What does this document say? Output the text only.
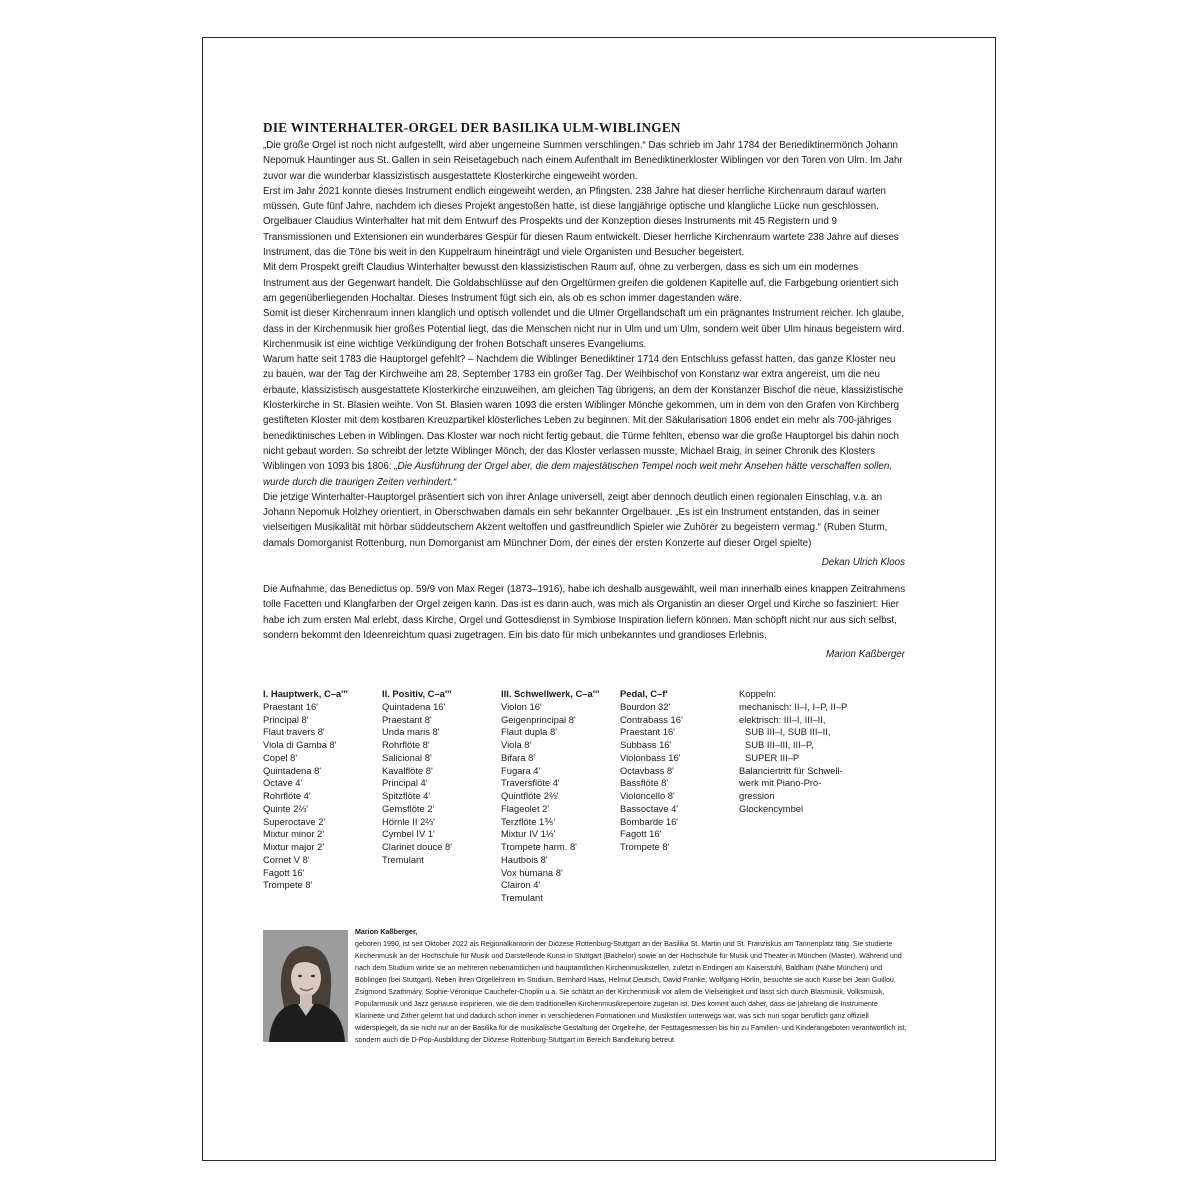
DIE WINTERHALTER-ORGEL DER BASILIKA ULM-WIBLINGEN

„Die große Orgel ist noch nicht aufgestellt, wird aber ungemeine Summen verschlingen.“ Das schrieb im Jahr 1784 der Benediktinermönch Johann Nepomuk Hauntinger aus St. Gallen in sein Reisetagebuch nach einem Aufenthalt im Benediktinerkloster Wiblingen vor den Toren von Ulm. Im Jahr zuvor war die wunderbar klassizistisch ausgestattete Klosterkirche eingeweiht worden.

Erst im Jahr 2021 konnte dieses Instrument endlich eingeweiht werden, an Pfingsten. 238 Jahre hat dieser herrliche Kirchenraum darauf warten müssen. Gute fünf Jahre, nachdem ich dieses Projekt angestoßen hatte, ist diese langjährige optische und klangliche Lücke nun geschlossen. Orgelbauer Claudius Winterhalter hat mit dem Entwurf des Prospekts und der Konzeption dieses Instruments mit 45 Registern und 9 Transmissionen und Extensionen ein wunderbares Gespür für diesen Raum entwickelt. Dieser herrliche Kirchenraum wartete 238 Jahre auf dieses Instrument, das die Töne bis weit in den Kuppelraum hineinträgt und viele Organisten und Besucher begeistert.

Mit dem Prospekt greift Claudius Winterhalter bewusst den klassizistischen Raum auf, ohne zu verbergen, dass es sich um ein modernes Instrument aus der Gegenwart handelt. Die Goldabschlüsse auf den Orgeltürmen greifen die goldenen Kapitelle auf, die Farbgebung orientiert sich am gegenüberliegenden Hochaltar. Dieses Instrument fügt sich ein, als ob es schon immer dagestanden wäre.

Somit ist dieser Kirchenraum innen klanglich und optisch vollendet und die Ulmer Orgellandschaft um ein prägnantes Instrument reicher. Ich glaube, dass in der Kirchenmusik hier großes Potential liegt, das die Menschen nicht nur in Ulm und um Ulm, sondern weit über Ulm hinaus begeistern wird. Kirchenmusik ist eine wichtige Verkündigung der frohen Botschaft unseres Evangeliums.

Warum hatte seit 1783 die Hauptorgel gefehlt? – Nachdem die Wiblinger Benediktiner 1714 den Entschluss gefasst hatten, das ganze Kloster neu zu bauen, war der Tag der Kirchweihe am 28. September 1783 ein großer Tag. Der Weihbischof von Konstanz war extra angereist, um die neu erbaute, klassizistisch ausgestattete Klosterkirche einzuweihen, am gleichen Tag übrigens, an dem der Konstanzer Bischof die neue, klassizistische Klosterkirche in St. Blasien weihte. Von St. Blasien waren 1093 die ersten Wiblinger Mönche gekommen, um in dem von den Grafen von Kirchberg gestifteten Kloster mit dem kostbaren Kreuzpartikel klösterliches Leben zu beginnen. Mit der Säkularisation 1806 endet ein mehr als 700-jähriges benediktinisches Leben in Wiblingen. Das Kloster war noch nicht fertig gebaut, die Türme fehlten, ebenso war die große Hauptorgel bis dahin noch nicht gebaut worden. So schreibt der letzte Wiblinger Mönch, der das Kloster verlassen musste, Michael Braig, in seiner Chronik des Klosters Wiblingen von 1093 bis 1806: „Die Ausführung der Orgel aber, die dem majestätischen Tempel noch weit mehr Ansehen hätte verschaffen sollen, wurde durch die traurigen Zeiten verhindert.“

Die jetzige Winterhalter-Hauptorgel präsentiert sich von ihrer Anlage universell, zeigt aber dennoch deutlich einen regionalen Einschlag, v.a. an Johann Nepomuk Holzhey orientiert, in Oberschwaben damals ein sehr bekannter Orgelbauer. „Es ist ein Instrument entstanden, das in seiner vielseitigen Musikalität mit hörbar süddeutschem Akzent weltoffen und gastfreundlich Spieler wie Zuhörer zu begeistern vermag.“ (Ruben Sturm, damals Domorganist Rottenburg, nun Domorganist am Münchner Dom, der eines der ersten Konzerte auf dieser Orgel spielte)

Dekan Ulrich Kloos

Die Aufnahme, das Benedictus op. 59/9 von Max Reger (1873–1916), habe ich deshalb ausgewählt, weil man innerhalb eines knappen Zeitrahmens tolle Facetten und Klangfarben der Orgel zeigen kann. Das ist es dann auch, was mich als Organistin an dieser Orgel und Kirche so fasziniert: Hier habe ich zum ersten Mal erlebt, dass Kirche, Orgel und Gottesdienst in Symbiose Inspiration liefern können. Man schöpft nicht nur aus sich selbst, sondern bekommt den Ideenreichtum quasi zugetragen. Ein bis dato für mich unbekanntes und grandioses Erlebnis.

Marion Kaßberger
I. Hauptwerk, C–a'''
Praestant 16'
Principal 8'
Flaut travers 8'
Viola di Gamba 8'
Copel 8'
Quintadena 8'
Octave 4'
Rohrflöte 4'
Quinte 2⅔'
Superoctave 2'
Mixtur minor 2'
Mixtur major 2'
Cornet V 8'
Fagott 16'
Trompete 8'
II. Positiv, C–a'''
Quintadena 16'
Praestant 8'
Unda maris 8'
Rohrflöte 8'
Salicional 8'
Kavalflöte 8'
Principal 4'
Spitzflöte 4'
Gemsflöte 2'
Hörnle II 2⅔'
Cymbel IV 1'
Clarinet douce 8'
Tremulant
III. Schwellwerk, C–a'''
Violon 16'
Geigenprincipal 8'
Flaut dupla 8'
Viola 8'
Bifara 8'
Fugara 4'
Traversflöte 4'
Quintflöte 2⅔'
Flageolet 2'
Terzflöte 1⅗'
Mixtur IV 1⅓'
Trompete harm. 8'
Hautbois 8'
Vox humana 8'
Clairon 4'
Tremulant
Pedal, C–f'
Bourdon 32'
Contrabass 16'
Praestant 16'
Subbass 16'
Violonbass 16'
Octavbass 8'
Bassflöte 8'
Violoncello 8'
Bassoctave 4'
Bombarde 16'
Fagott 16'
Trompete 8'
Koppeln:
mechanisch: II–I, I–P, II–P
elektrisch: III–I, III–II,
SUB III–I, SUB III–II,
SUB III–III, III–P,
SUPER III–P
Balanciertritt für Schwell-
werk mit Piano-Pro-
gression
Glockencymbel
Marion Kaßberger,
geboren 1990, ist seit Oktober 2022 als Regionalkantorin der Diözese Rottenburg-Stuttgart an der Basilika St. Martin und St. Franziskus am Tannenplatz tätig. Sie studierte Kirchenmusik an der Hochschule für Musik und Darstellende Kunst in Stuttgart (Bachelor) sowie an der Hochschule für Musik und Theater in München (Master). Während und nach dem Studium wirkte sie an mehreren nebenamtlichen und hauptamtlichen Kirchenmusikstellen, zuletzt in Endingen am Kaiserstuhl, Baldham (Nähe München) und Böblingen (bei Stuttgart). Neben ihren Orgellehrern im Studium, Bernhard Haas, Helmut Deutsch, David Franke, Wolfgang Hörlin, besuchte sie auch Kurse bei Jean Guillou, Zsigmond Szathmáry, Sophie-Véronique Cauchefer-Choplin u.a. Sie schätzt an der Kirchenmusik vor allem die Vielseitigkeit und lässt sich durch Blasmusik, Volksmusik, Popularmusik und Jazz genauso inspirieren, wie die dem traditionellen Kirchenmusikrepertoire zugetan ist. Dies kommt auch daher, dass sie jahrelang die Instrumente Klarinette und Zither gelernt hat und dadurch schon immer in verschiedenen Formationen und Musikstilen unterwegs war, was sich nun sogar beruflich ganz offiziell widerspiegelt, da sie nicht nur an der Basilika für die musikalische Gestaltung der Orgelreihe, der Festtagesmessen bis hin zu Familien- und Kinderangeboten verantwortlich ist, sondern auch die D-Pop-Ausbildung der Diözese Rottenburg-Stuttgart im Bereich Bandleitung betreut.
